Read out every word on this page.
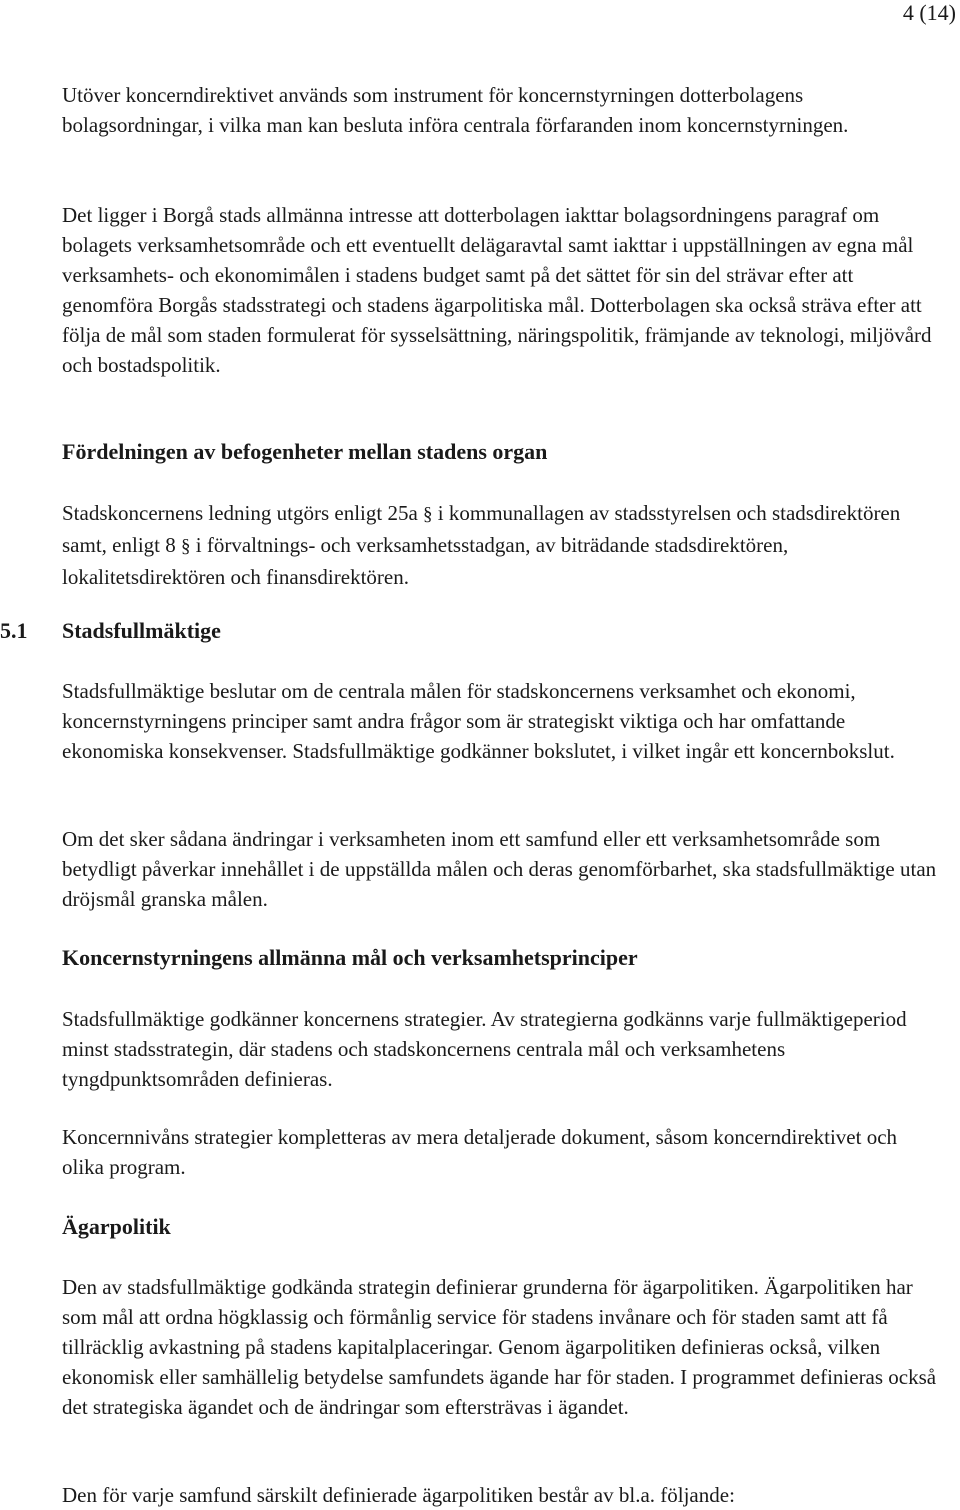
4 (14)

Utöver koncerndirektivet används som instrument för koncernstyrningen dotterbolagens bolagsordningar, i vilka man kan besluta införa centrala förfaranden inom koncernstyrningen.

Det ligger i Borgå stads allmänna intresse att dotterbolagen iakttar bolagsordningens paragraf om bolagets verksamhetsområde och ett eventuellt delägaravtal samt iakttar i uppställningen av egna mål verksamhets- och ekonomimålen i stadens budget samt på det sättet för sin del strävar efter att genomföra Borgås stadsstrategi och stadens ägarpolitiska mål. Dotterbolagen ska också sträva efter att följa de mål som staden formulerat för sysselsättning, näringspolitik, främjande av teknologi, miljövård och bostadspolitik.

Fördelningen av befogenheter mellan stadens organ

Stadskoncernens ledning utgörs enligt 25a § i kommunallagen av stadsstyrelsen och stadsdirektören samt, enligt 8 § i förvaltnings- och verksamhetsstadgan, av biträdande stadsdirektören, lokalitetsdirektören och finansdirektören.

5.1 Stadsfullmäktige

Stadsfullmäktige beslutar om de centrala målen för stadskoncernens verksamhet och ekonomi, koncernstyrningens principer samt andra frågor som är strategiskt viktiga och har omfattande ekonomiska konsekvenser. Stadsfullmäktige godkänner bokslutet, i vilket ingår ett koncernbokslut.

Om det sker sådana ändringar i verksamheten inom ett samfund eller ett verksamhetsområde som betydligt påverkar innehållet i de uppställda målen och deras genomförbarhet, ska stadsfullmäktige utan dröjsmål granska målen.

Koncernstyrningens allmänna mål och verksamhetsprinciper

Stadsfullmäktige godkänner koncernens strategier. Av strategierna godkänns varje fullmäktigeperiod minst stadsstrategin, där stadens och stadskoncernens centrala mål och verksamhetens tyngdpunktsområden definieras.

Koncernnivåns strategier kompletteras av mera detaljerade dokument, såsom koncerndirektivet och olika program.

Ägarpolitik

Den av stadsfullmäktige godkända strategin definierar grunderna för ägarpolitiken. Ägarpolitiken har som mål att ordna högklassig och förmånlig service för stadens invånare och för staden samt att få tillräcklig avkastning på stadens kapitalplaceringar. Genom ägarpolitiken definieras också, vilken ekonomisk eller samhällelig betydelse samfundets ägande har för staden. I programmet definieras också det strategiska ägandet och de ändringar som eftersträvas i ägandet.

Den för varje samfund särskilt definierade ägarpolitiken består av bl.a. följande:
